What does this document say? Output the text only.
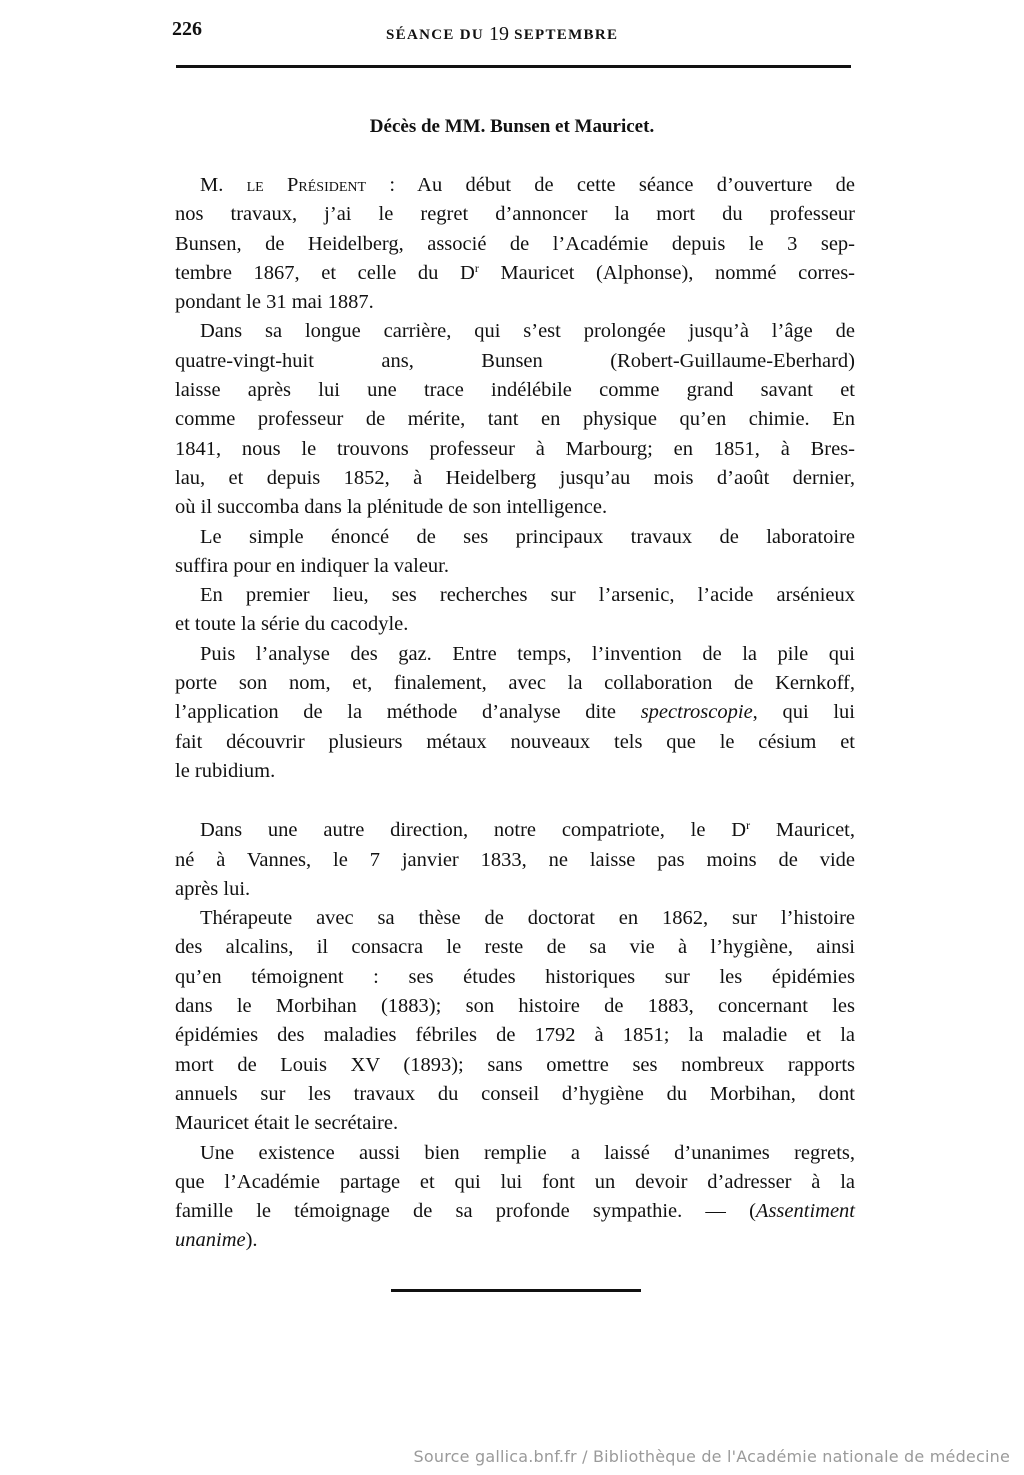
226	SÉANCE DU 19 SEPTEMBRE
Décès de MM. Bunsen et Mauricet.
M. le Président : Au début de cette séance d’ouverture de
nos travaux, j’ai le regret d’annoncer la mort du professeur
Bunsen, de Heidelberg, associé de l’Académie depuis le 3 sep-
tembre 1867, et celle du $D^r$ Mauricet (Alphonse), nommé corres-
pondant le 31 mai 1887.
Dans sa longue carrière, qui s’est prolongée jusqu’à l’âge de
quatre-vingt-huit ans, Bunsen (Robert-Guillaume-Eberhard)
laisse après lui une trace indélébile comme grand savant et
comme professeur de mérite, tant en physique qu’en chimie. En
1841, nous le trouvons professeur à Marbourg; en 1851, à Bres-
lau, et depuis 1852, à Heidelberg jusqu’au mois d’août dernier,
où il succomba dans la plénitude de son intelligence.
Le simple énoncé de ses principaux travaux de laboratoire
suffira pour en indiquer la valeur.
En premier lieu, ses recherches sur l’arsenic, l’acide arsénieux
et toute la série du cacodyle.
Puis l’analyse des gaz. Entre temps, l’invention de la pile qui
porte son nom, et, finalement, avec la collaboration de Kernkoff,
l’application de la méthode d’analyse dite spectroscopie, qui lui
fait découvrir plusieurs métaux nouveaux tels que le césium et
le rubidium.
Dans une autre direction, notre compatriote, le $D^r$ Mauricet,
né à Vannes, le 7 janvier 1833, ne laisse pas moins de vide
après lui.
Thérapeute avec sa thèse de doctorat en 1862, sur l’histoire
des alcalins, il consacra le reste de sa vie à l’hygiène, ainsi
qu’en témoignent : ses études historiques sur les épidémies
dans le Morbihan (1883); son histoire de 1883, concernant les
épidémies des maladies fébriles de 1792 à 1851; la maladie et la
mort de Louis XV (1893); sans omettre ses nombreux rapports
annuels sur les travaux du conseil d’hygiène du Morbihan, dont
Mauricet était le secrétaire.
Une existence aussi bien remplie a laissé d’unanimes regrets,
que l’Académie partage et qui lui font un devoir d’adresser à la
famille le témoignage de sa profonde sympathie. — (Assentiment
unanime).
Source gallica.bnf.fr / Bibliothèque de l'Académie nationale de médecine
